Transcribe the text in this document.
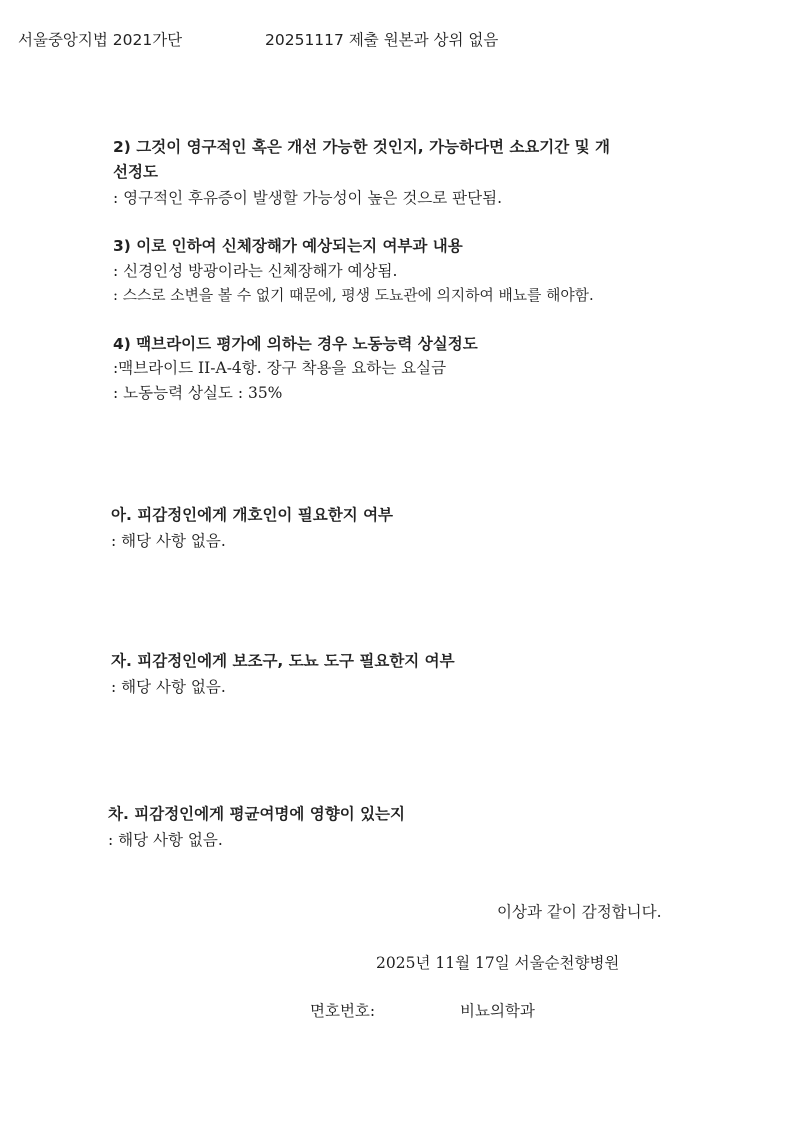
서울중앙지법 2021가단	20251117 제출 원본과 상위 없음
2) 그것이 영구적인 혹은 개선 가능한 것인지, 가능하다면 소요기간 및 개
선정도
: 영구적인 후유증이 발생할 가능성이 높은 것으로 판단됨.
3) 이로 인하여 신체장해가 예상되는지 여부과 내용
: 신경인성 방광이라는 신체장해가 예상됨.
: 스스로 소변을 볼 수 없기 때문에, 평생 도뇨관에 의지하여 배뇨를 해야함.
4) 맥브라이드 평가에 의하는 경우 노동능력 상실정도
:맥브라이드 II-A-4항. 장구 착용을 요하는 요실금
: 노동능력 상실도 : 35%
아. 피감정인에게 개호인이 필요한지 여부
: 해당 사항 없음.
자. 피감정인에게 보조구, 도뇨 도구 필요한지 여부
: 해당 사항 없음.
차. 피감정인에게 평균여명에 영향이 있는지
: 해당 사항 없음.
이상과 같이 감정합니다.
2025년 11월 17일 서울순천향병원
면호번호:	비뇨의학과
